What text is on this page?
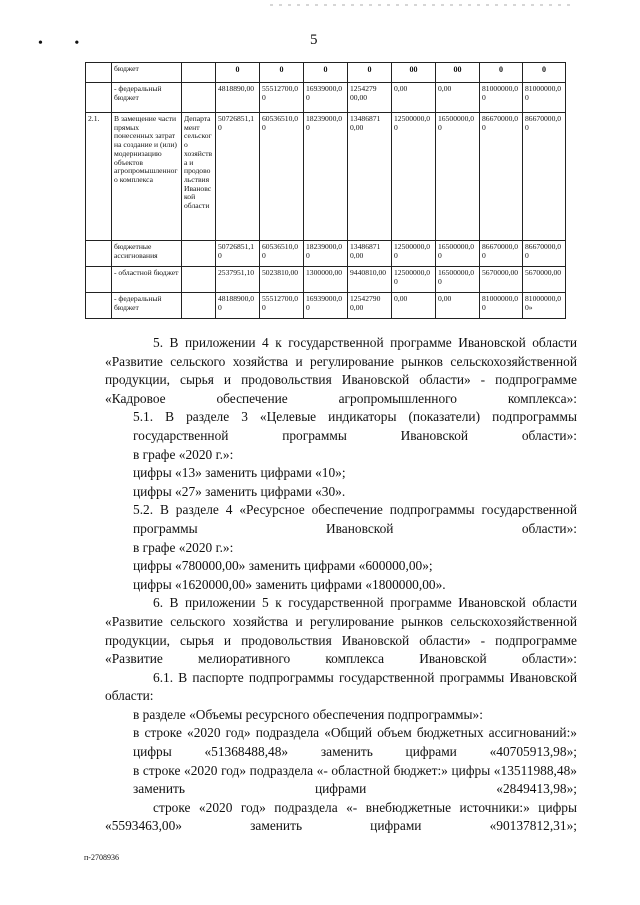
• •	5
	бюджет		0	0	0	0	00	00	0	0
	- федеральный бюджет		4818890,00	55512700,00	16939000,00	1254279 00,00	0,00	0,00	81000000,00	81000000,00
2.1.	В замещение части прямых понесенных затрат на создание и (или) модернизацию объектов агропромышленного комплекса	Департамент сельского хозяйства и продовольствия Ивановской области	50726851,10	60536510,00	18239000,00	13486871 0,00	12500000,00	16500000,00	86670000,00	86670000,00
	бюджетные ассигнования		50726851,10	60536510,00	18239000,00	13486871 0,00	12500000,00	16500000,00	86670000,00	86670000,00
	- областной бюджет		2537951,10	5023810,00	1300000,00	9440810,00	12500000,00	16500000,00	5670000,00	5670000,00
	- федеральный бюджет		48188900,00	55512700,00	16939000,00	12542790 0,00	0,00	0,00	81000000,00	81000000,00»

5. В приложении 4 к государственной программе Ивановской области «Развитие сельского хозяйства и регулирование рынков сельскохозяйственной продукции, сырья и продовольствия Ивановской области» - подпрограмме «Кадровое обеспечение агропромышленного комплекса»:

5.1. В разделе 3 «Целевые индикаторы (показатели) подпрограммы государственной программы Ивановской области»:

в графе «2020 г.»:

цифры «13» заменить цифрами «10»;

цифры «27» заменить цифрами «30».

5.2. В разделе 4 «Ресурсное обеспечение подпрограммы государственной программы Ивановской области»:

в графе «2020 г.»:

цифры «780000,00» заменить цифрами «600000,00»;

цифры «1620000,00» заменить цифрами «1800000,00».

6. В приложении 5 к государственной программе Ивановской области «Развитие сельского хозяйства и регулирование рынков сельскохозяйственной продукции, сырья и продовольствия Ивановской области» - подпрограмме «Развитие мелиоративного комплекса Ивановской области»:

6.1. В паспорте подпрограммы государственной программы Ивановской области:

в разделе «Объемы ресурсного обеспечения подпрограммы»:

в строке «2020 год» подраздела «Общий объем бюджетных ассигнований:» цифры «51368488,48» заменить цифрами «40705913,98»;

в строке «2020 год» подраздела «- областной бюджет:» цифры «13511988,48» заменить цифрами «2849413,98»;

строке «2020 год» подраздела «- внебюджетные источники:» цифры «5593463,00» заменить цифрами «90137812,31»;

п-2708936
